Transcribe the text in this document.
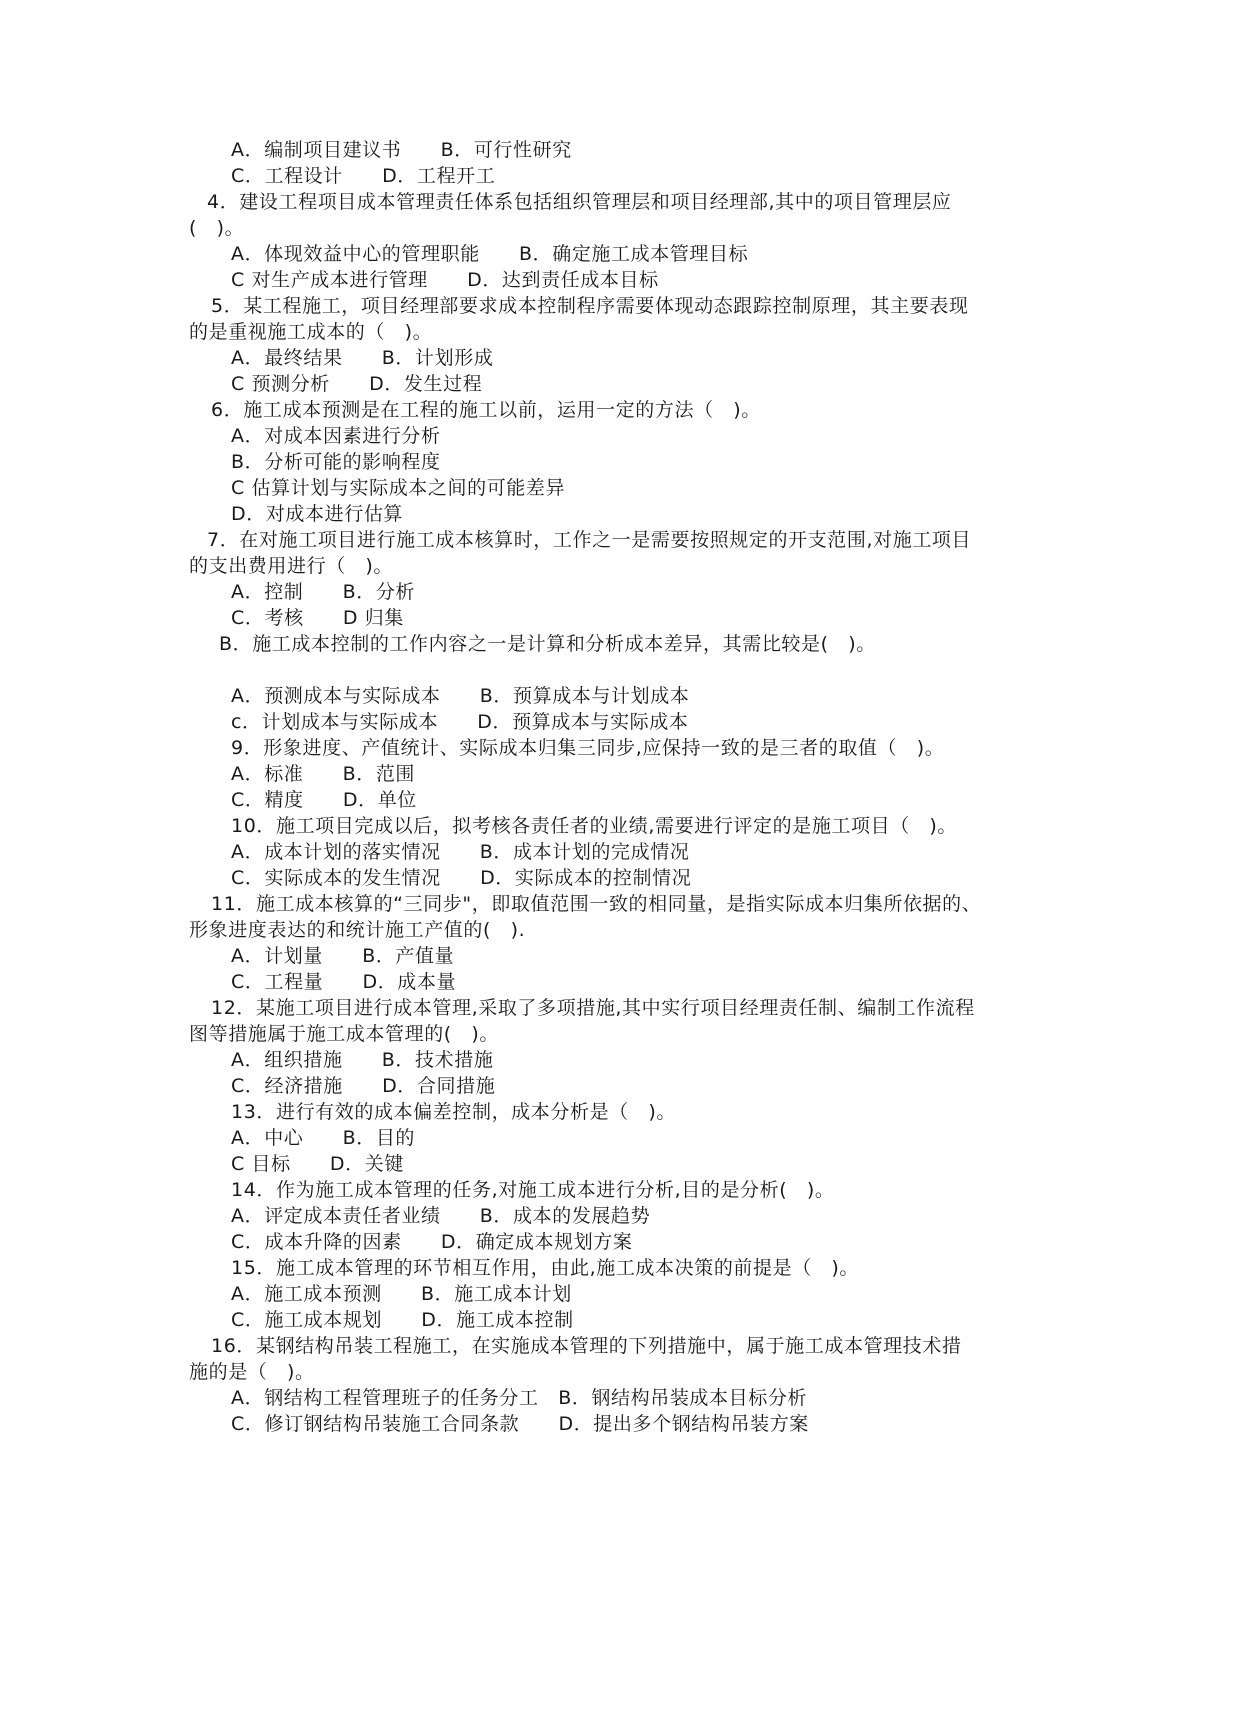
A．编制项目建议书　　B．可行性研究
C．工程设计　　D．工程开工
4．建设工程项目成本管理责任体系包括组织管理层和项目经理部,其中的项目管理层应
(　)。
A．体现效益中心的管理职能　　B．确定施工成本管理目标
C 对生产成本进行管理　　D．达到责任成本目标
5．某工程施工，项目经理部要求成本控制程序需要体现动态跟踪控制原理，其主要表现
的是重视施工成本的（　)。
A．最终结果　　B．计划形成
C 预测分析　　D．发生过程
6．施工成本预测是在工程的施工以前，运用一定的方法（　)。
A．对成本因素进行分析
B．分析可能的影响程度
C 估算计划与实际成本之间的可能差异
D．对成本进行估算
7．在对施工项目进行施工成本核算时，工作之一是需要按照规定的开支范围,对施工项目
的支出费用进行（　)。
A．控制　　B．分析
C．考核　　D 归集
B．施工成本控制的工作内容之一是计算和分析成本差异，其需比较是(　)。
A．预测成本与实际成本　　B．预算成本与计划成本
c．计划成本与实际成本　　D．预算成本与实际成本
9．形象进度、产值统计、实际成本归集三同步,应保持一致的是三者的取值（　)。
A．标准　　B．范围
C．精度　　D．单位
10．施工项目完成以后，拟考核各责任者的业绩,需要进行评定的是施工项目（　)。
A．成本计划的落实情况　　B．成本计划的完成情况
C．实际成本的发生情况　　D．实际成本的控制情况
11．施工成本核算的“三同步"，即取值范围一致的相同量，是指实际成本归集所依据的、
形象进度表达的和统计施工产值的(　).
A．计划量　　B．产值量
C．工程量　　D．成本量
12．某施工项目进行成本管理,采取了多项措施,其中实行项目经理责任制、编制工作流程
图等措施属于施工成本管理的(　)。
A．组织措施　　B．技术措施
C．经济措施　　D．合同措施
13．进行有效的成本偏差控制，成本分析是（　)。
A．中心　　B．目的
C 目标　　D．关键
14．作为施工成本管理的任务,对施工成本进行分析,目的是分析(　)。
A．评定成本责任者业绩　　B．成本的发展趋势
C．成本升降的因素　　D．确定成本规划方案
15．施工成本管理的环节相互作用，由此,施工成本决策的前提是（　)。
A．施工成本预测　　B．施工成本计划
C．施工成本规划　　D．施工成本控制
16．某钢结构吊装工程施工，在实施成本管理的下列措施中，属于施工成本管理技术措
施的是（　)。
A．钢结构工程管理班子的任务分工　B．钢结构吊装成本目标分析
C．修订钢结构吊装施工合同条款　　D．提出多个钢结构吊装方案
